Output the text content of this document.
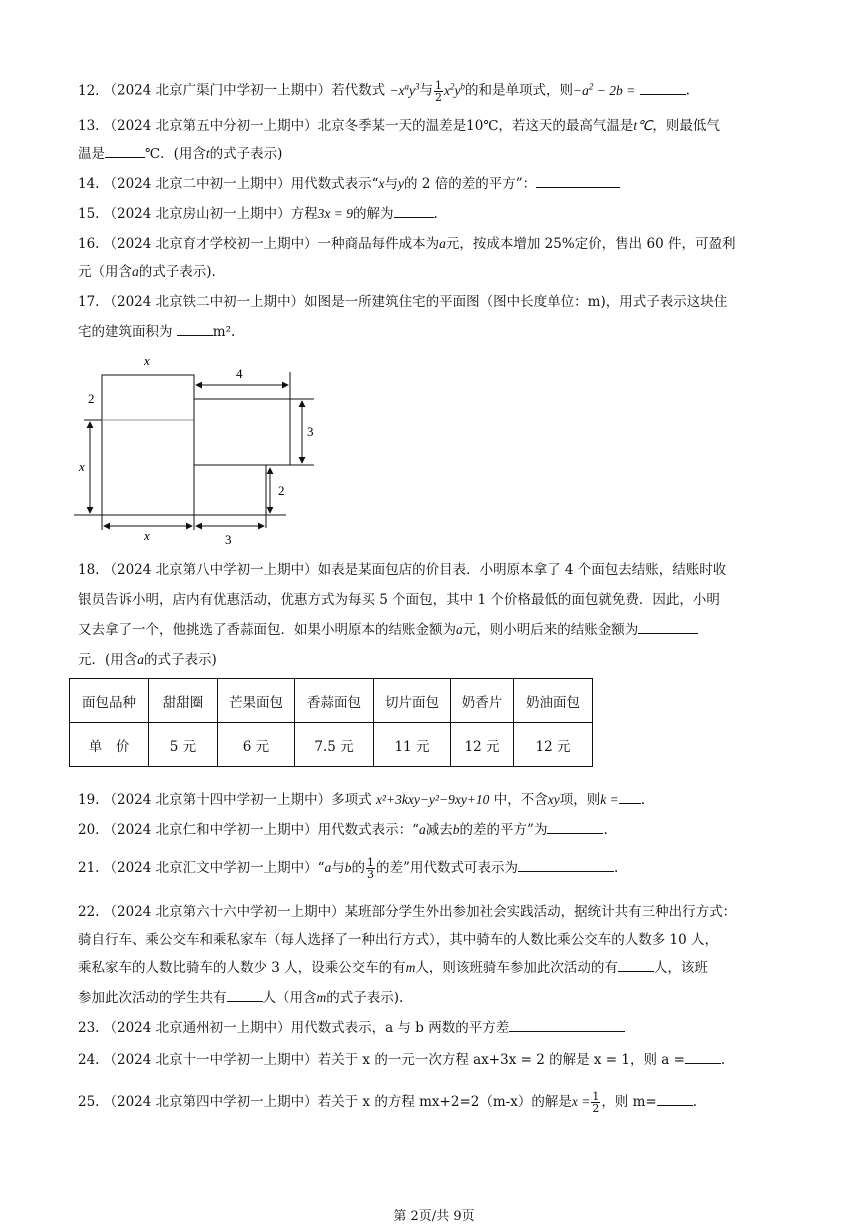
12. （2024 北京广渠门中学初一上期中）若代数式 $-x^ay^3$与 $\frac{1}{2} x^2y^b$的和是单项式，则$-a^2 - 2b$ =	.
13. （2024 北京第五中分初一上期中）北京冬季某一天的温差是10℃，若这天的最高气温是t℃，则最低气
温是	℃．(用含t的式子表示)
14. （2024 北京二中初一上期中）用代数式表示“x与y的 2 倍的差的平方”：
15. （2024 北京房山初一上期中）方程3x = 9的解为	.
16. （2024 北京育才学校初一上期中）一种商品每件成本为a元，按成本增加 25%定价，售出 60 件，可盈利
元（用含a的式子表示).
17. （2024 北京铁二中初一上期中）如图是一所建筑住宅的平面图（图中长度单位：m)，用式子表示这块住
宅的建筑面积为	m².
x
4
2
x
3
2
x	3
18. （2024 北京第八中学初一上期中）如表是某面包店的价目表．小明原本拿了 4 个面包去结账，结账时收
银员告诉小明，店内有优惠活动，优惠方式为每买 5 个面包，其中 1 个价格最低的面包就免费．因此，小明
又去拿了一个，他挑选了香蒜面包．如果小明原本的结账金额为a元，则小明后来的结账金额为
元．(用含a的式子表示)
面包品种	甜甜圈	芒果面包	香蒜面包	切片面包	奶香片	奶油面包
单　价	5 元	6 元	7.5 元	11 元	12 元	12 元
19. （2024 北京第十四中学初一上期中）多项式 x²+3kxy−y²−9xy+10 中，不含xy项，则k = .
20. （2024 北京仁和中学初一上期中）用代数式表示：“a减去b的差的平方”为	.
21. （2024 北京汇文中学初一上期中）“a与b的 $\frac{1}{3}$ 的差”用代数式可表示为	.
22. （2024 北京第六十六中学初一上期中）某班部分学生外出参加社会实践活动，据统计共有三种出行方式：
骑自行车、乘公交车和乘私家车（每人选择了一种出行方式），其中骑车的人数比乘公交车的人数多 10 人，
乘私家车的人数比骑车的人数少 3 人，设乘公交车的有m人，则该班骑车参加此次活动的有	人，该班
参加此次活动的学生共有	人（用含m的式子表示).
23. （2024 北京通州初一上期中）用代数式表示，a 与 b 两数的平方差
24. （2024 北京十一中学初一上期中）若关于 x 的一元一次方程 ax+3x = 2 的解是 x = 1，则 a =	.
25. （2024 北京第四中学初一上期中）若关于 x 的方程 mx+2=2（m-x）的解是$x = \frac{1}{2}$ ，则 m=	.
第 2页/共 9页
